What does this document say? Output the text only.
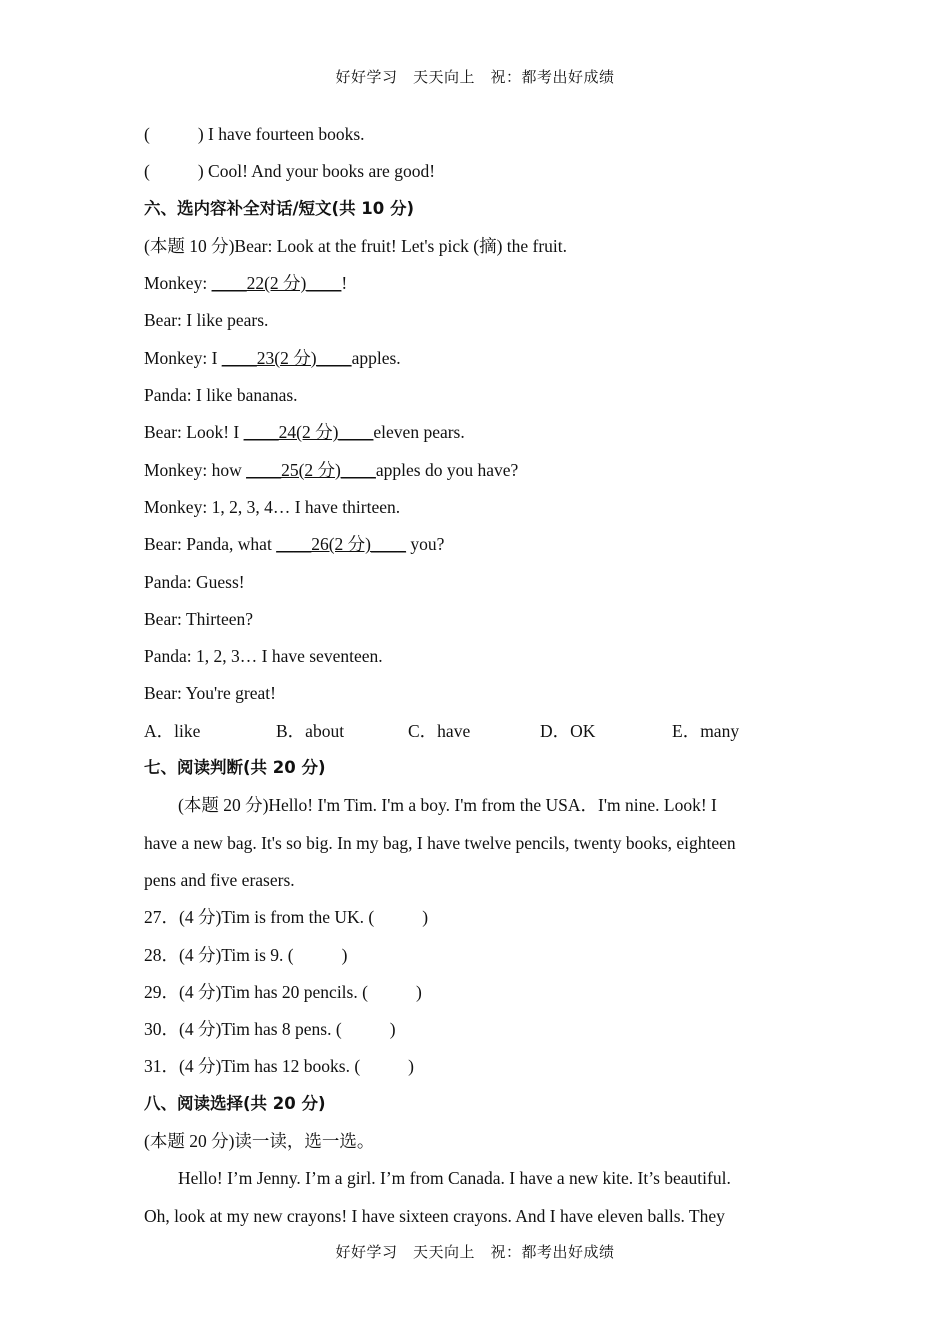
好好学习　天天向上　祝：都考出好成绩
(	) I have fourteen books.
(	) Cool! And your books are good!
六、选内容补全对话/短文(共 10 分)
(本题 10 分)Bear: Look at the fruit! Let's pick (摘) the fruit.
Monkey: ____22(2 分)____!
Bear: I like pears.
Monkey: I ____23(2 分)____apples.
Panda: I like bananas.
Bear: Look! I ____24(2 分)____eleven pears.
Monkey: how ____25(2 分)____apples do you have?
Monkey: 1, 2, 3, 4… I have thirteen.
Bear: Panda, what ____26(2 分)____ you?
Panda: Guess!
Bear: Thirteen?
Panda: 1, 2, 3… I have seventeen.
Bear: You're great!
A．like	B．about	C．have	D．OK	E．many
七、阅读判断(共 20 分)
(本题 20 分)Hello! I'm Tim. I'm a boy. I'm from the USA．I'm nine. Look! I
have a new bag. It's so big. In my bag, I have twelve pencils, twenty books, eighteen
pens and five erasers.
27．(4 分)Tim is from the UK. (	)
28．(4 分)Tim is 9. (	)
29．(4 分)Tim has 20 pencils. (	)
30．(4 分)Tim has 8 pens. (	)
31．(4 分)Tim has 12 books. (	)
八、阅读选择(共 20 分)
(本题 20 分)读一读，选一选。
Hello! I’m Jenny. I’m a girl. I’m from Canada. I have a new kite. It’s beautiful.
Oh, look at my new crayons! I have sixteen crayons. And I have eleven balls. They
好好学习　天天向上　祝：都考出好成绩
